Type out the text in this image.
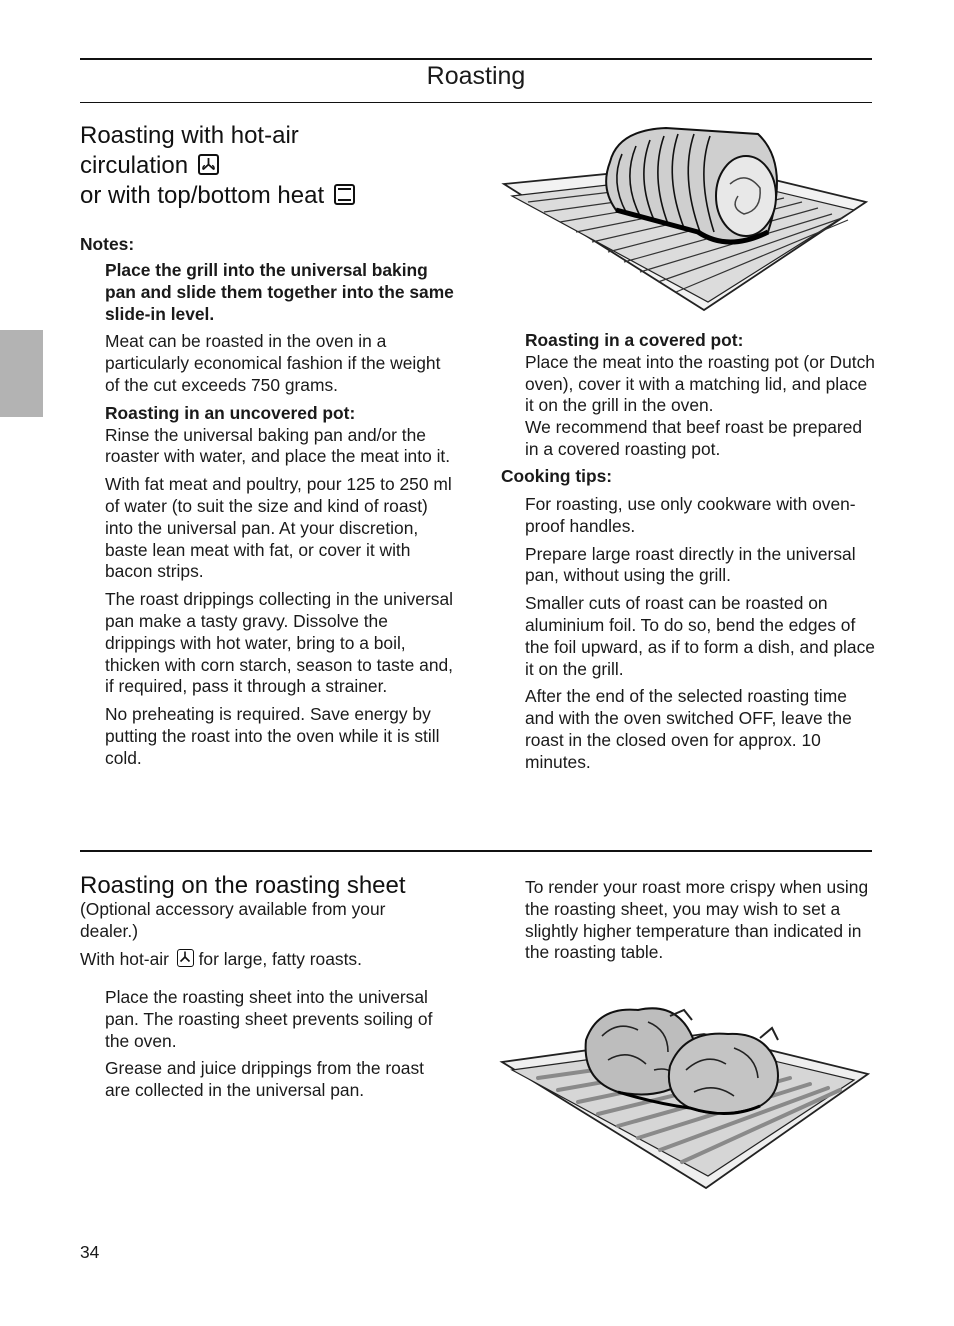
Roasting
Roasting with hot-air
circulation
or with top/bottom heat
Notes:

Place the grill into the universal baking pan and slide them together into the same slide-in level.

Meat can be roasted in the oven in a particularly economical fashion if the weight of the cut exceeds 750 grams.

Roasting in an uncovered pot:

Rinse the universal baking pan and/or the roaster with water, and place the meat into it.

With fat meat and poultry, pour 125 to 250 ml of water (to suit the size and kind of roast) into the universal pan. At your discretion, baste lean meat with fat, or cover it with bacon strips.

The roast drippings collecting in the universal pan make a tasty gravy. Dissolve the drippings with hot water, bring to a boil, thicken with corn starch, season to taste and, if required, pass it through a strainer.

No preheating is required. Save energy by putting the roast into the oven while it is still cold.

Roasting in a covered pot:

Place the meat into the roasting pot (or Dutch oven), cover it with a matching lid, and place it on the grill in the oven.

We recommend that beef roast be prepared in a covered roasting pot.

Cooking tips:

For roasting, use only cookware with oven-proof handles.

Prepare large roast directly in the universal pan, without using the grill.

Smaller cuts of roast can be roasted on aluminium foil. To do so, bend the edges of the foil upward, as if to form a dish, and place it on the grill.

After the end of the selected roasting time and with the oven switched OFF, leave the roast in the closed oven for approx. 10 minutes.

Roasting on the roasting sheet

(Optional accessory available from your dealer.)

With hot-air for large, fatty roasts.

Place the roasting sheet into the universal pan. The roasting sheet prevents soiling of the oven.

Grease and juice drippings from the roast are collected in the universal pan.

To render your roast more crispy when using the roasting sheet, you may wish to set a slightly higher temperature than indicated in the roasting table.

34
